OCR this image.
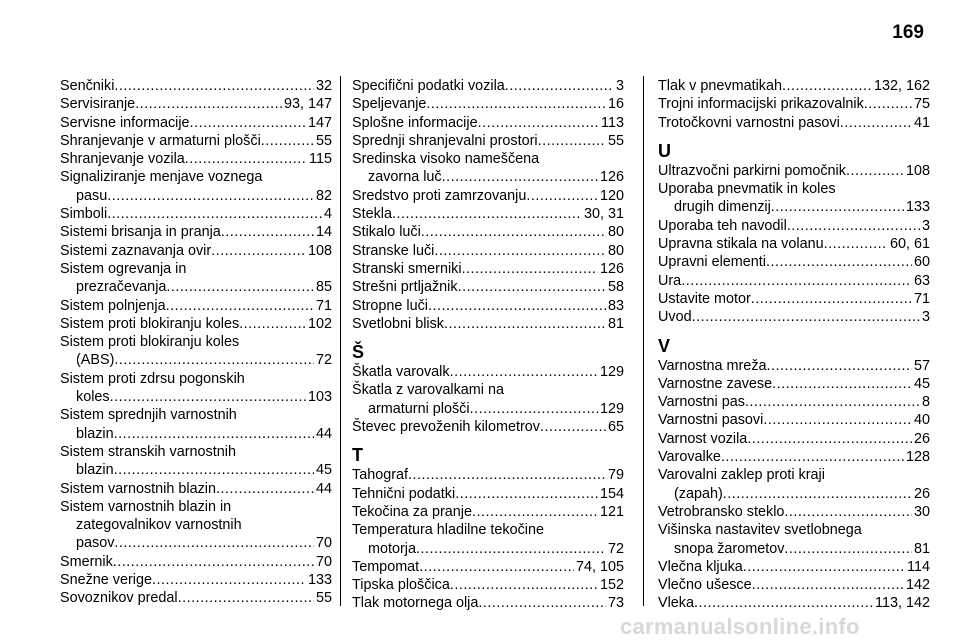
169
Senčniki .....	32
Servisiranje .....	93, 147
Servisne informacije .....	147
Shranjevanje v armaturni plošči .....	55
Shranjevanje vozila .....	115
Signaliziranje menjave voznega
pasu .....	82
Simboli .....	4
Sistemi brisanja in pranja .....	14
Sistemi zaznavanja ovir .....	108
Sistem ogrevanja in
prezračevanja .....	85
Sistem polnjenja .....	71
Sistem proti blokiranju koles .....	102
Sistem proti blokiranju koles
(ABS) .....	72
Sistem proti zdrsu pogonskih
koles .....	103
Sistem sprednjih varnostnih
blazin .....	44
Sistem stranskih varnostnih
blazin .....	45
Sistem varnostnih blazin .....	44
Sistem varnostnih blazin in
zategovalnikov varnostnih
pasov .....	70
Smernik .....	70
Snežne verige .....	133
Sovoznikov predal .....	55
Specifični podatki vozila .....	3
Speljevanje .....	16
Splošne informacije .....	113
Sprednji shranjevalni prostori .....	55
Sredinska visoko nameščena
zavorna luč .....	126
Sredstvo proti zamrzovanju .....	120
Stekla .....	30, 31
Stikalo luči .....	80
Stranske luči .....	80
Stranski smerniki .....	126
Strešni prtljažnik .....	58
Stropne luči .....	83
Svetlobni blisk .....	81
Š
Škatla varovalk .....	129
Škatla z varovalkami na
armaturni plošči .....	129
Števec prevoženih kilometrov .....	65
T
Tahograf .....	79
Tehnični podatki .....	154
Tekočina za pranje .....	121
Temperatura hladilne tekočine
motorja .....	72
Tempomat .....	74, 105
Tipska ploščica .....	152
Tlak motornega olja .....	73
Tlak v pnevmatikah .....	132, 162
Trojni informacijski prikazovalnik .....	75
Trotočkovni varnostni pasovi .....	41
U
Ultrazvočni parkirni pomočnik .....	108
Uporaba pnevmatik in koles
drugih dimenzij .....	133
Uporaba teh navodil .....	3
Upravna stikala na volanu .....	60, 61
Upravni elementi .....	60
Ura .....	63
Ustavite motor .....	71
Uvod .....	3
V
Varnostna mreža .....	57
Varnostne zavese .....	45
Varnostni pas .....	8
Varnostni pasovi .....	40
Varnost vozila .....	26
Varovalke .....	128
Varovalni zaklep proti kraji
(zapah) .....	26
Vetrobransko steklo .....	30
Višinska nastavitev svetlobnega
snopa žarometov .....	81
Vlečna kljuka .....	114
Vlečno ušesce .....	142
Vleka .....	113, 142
carmanualsonline.info
